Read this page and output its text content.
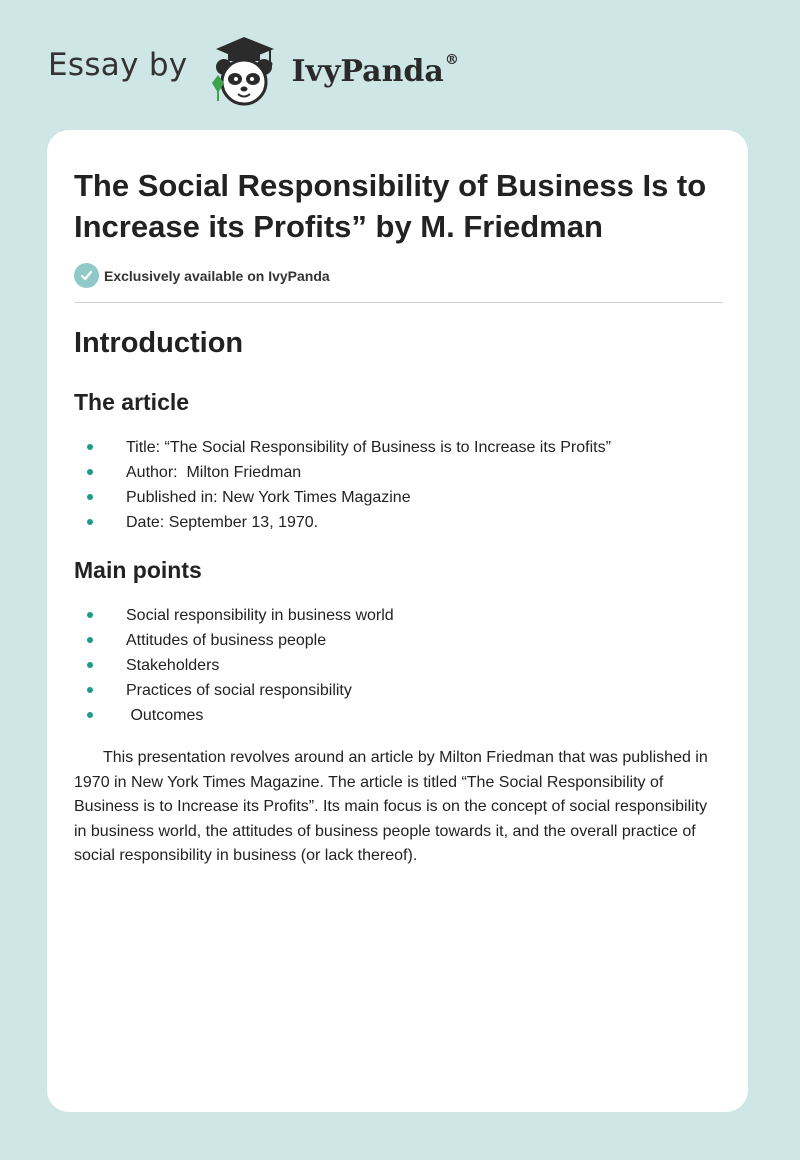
Essay by	IvyPanda®
The Social Responsibility of Business Is to Increase its Profits” by M. Friedman
Exclusively available on IvyPanda
Introduction
The article
Title: “The Social Responsibility of Business is to Increase its Profits”
Author:  Milton Friedman
Published in: New York Times Magazine
Date: September 13, 1970.
Main points
Social responsibility in business world
Attitudes of business people
Stakeholders
Practices of social responsibility
Outcomes

This presentation revolves around an article by Milton Friedman that was published in 1970 in New York Times Magazine. The article is titled “The Social Responsibility of Business is to Increase its Profits”. Its main focus is on the concept of social responsibility in business world, the attitudes of business people towards it, and the overall practice of social responsibility in business (or lack thereof).
